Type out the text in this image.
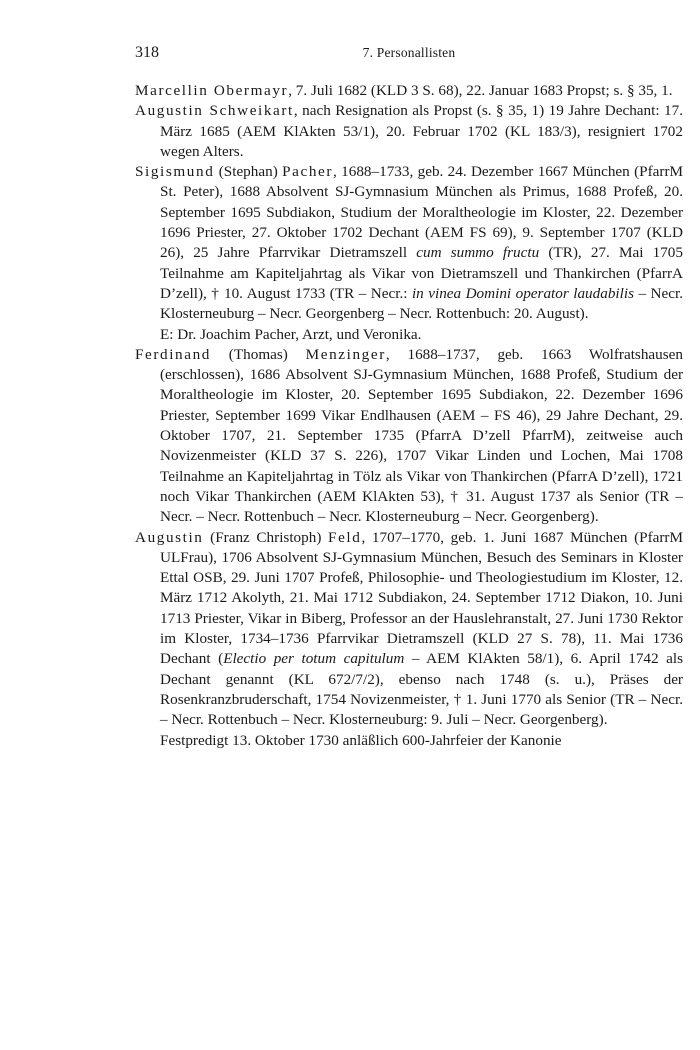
318	7. Personallisten

Marcellin Obermayr, 7. Juli 1682 (KLD 3 S. 68), 22. Januar 1683 Propst; s. § 35, 1.

Augustin Schweikart, nach Resignation als Propst (s. § 35, 1) 19 Jahre Dechant: 17. März 1685 (AEM KlAkten 53/1), 20. Februar 1702 (KL 183/3), resigniert 1702 wegen Alters.

Sigismund (Stephan) Pacher, 1688–1733, geb. 24. Dezember 1667 München (PfarrM St. Peter), 1688 Absolvent SJ-Gymnasium München als Primus, 1688 Profeß, 20. September 1695 Subdiakon, Studium der Moraltheologie im Kloster, 22. Dezember 1696 Priester, 27. Oktober 1702 Dechant (AEM FS 69), 9. September 1707 (KLD 26), 25 Jahre Pfarrvikar Dietramszell cum summo fructu (TR), 27. Mai 1705 Teilnahme am Kapiteljahrtag als Vikar von Dietramszell und Thankirchen (PfarrA D’zell), † 10. August 1733 (TR – Necr.: in vinea Domini operator laudabilis – Necr. Klosterneuburg – Necr. Georgenberg – Necr. Rottenbuch: 20. August).

E: Dr. Joachim Pacher, Arzt, und Veronika.

Ferdinand (Thomas) Menzinger, 1688–1737, geb. 1663 Wolfratshausen (erschlossen), 1686 Absolvent SJ-Gymnasium München, 1688 Profeß, Studium der Moraltheologie im Kloster, 20. September 1695 Subdiakon, 22. Dezember 1696 Priester, September 1699 Vikar Endlhausen (AEM – FS 46), 29 Jahre Dechant, 29. Oktober 1707, 21. September 1735 (PfarrA D’zell PfarrM), zeitweise auch Novizenmeister (KLD 37 S. 226), 1707 Vikar Linden und Lochen, Mai 1708 Teilnahme an Kapiteljahrtag in Tölz als Vikar von Thankirchen (PfarrA D’zell), 1721 noch Vikar Thankirchen (AEM KlAkten 53), † 31. August 1737 als Senior (TR – Necr. – Necr. Rottenbuch – Necr. Klosterneuburg – Necr. Georgenberg).

Augustin (Franz Christoph) Feld, 1707–1770, geb. 1. Juni 1687 München (PfarrM ULFrau), 1706 Absolvent SJ-Gymnasium München, Besuch des Seminars in Kloster Ettal OSB, 29. Juni 1707 Profeß, Philosophie- und Theologiestudium im Kloster, 12. März 1712 Akolyth, 21. Mai 1712 Subdiakon, 24. September 1712 Diakon, 10. Juni 1713 Priester, Vikar in Biberg, Professor an der Hauslehranstalt, 27. Juni 1730 Rektor im Kloster, 1734–1736 Pfarrvikar Dietramszell (KLD 27 S. 78), 11. Mai 1736 Dechant (Electio per totum capitulum – AEM KlAkten 58/1), 6. April 1742 als Dechant genannt (KL 672/7/2), ebenso nach 1748 (s. u.), Präses der Rosenkranzbruderschaft, 1754 Novizenmeister, † 1. Juni 1770 als Senior (TR – Necr. – Necr. Rottenbuch – Necr. Klosterneuburg: 9. Juli – Necr. Georgenberg).

Festpredigt 13. Oktober 1730 anläßlich 600-Jahrfeier der Kanonie
